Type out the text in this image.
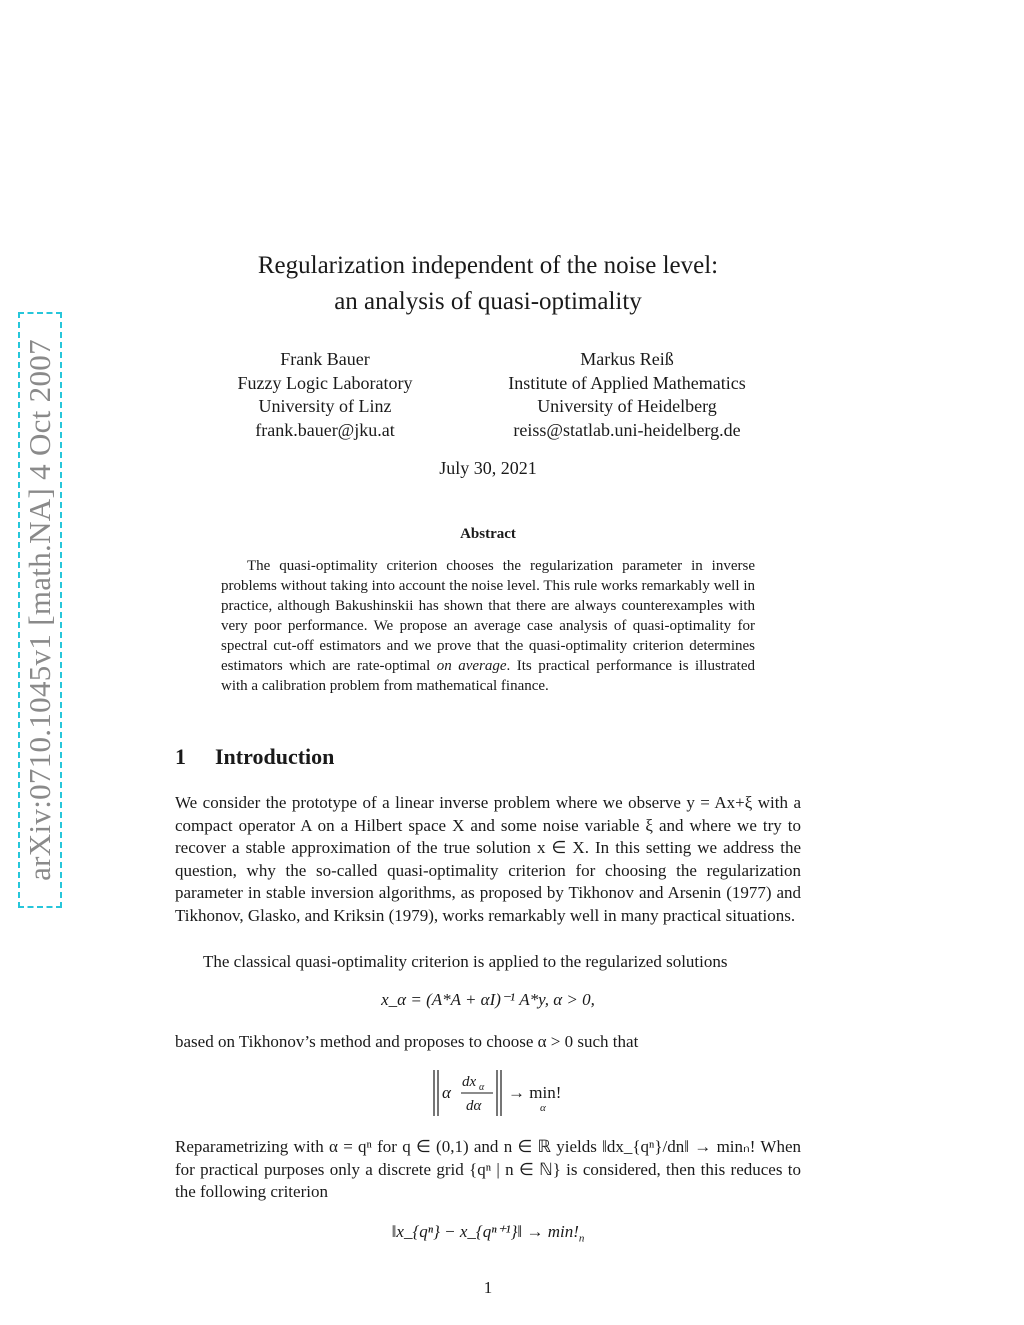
arXiv:0710.1045v1 [math.NA] 4 Oct 2007
Regularization independent of the noise level:
an analysis of quasi-optimality
Frank Bauer
Fuzzy Logic Laboratory
University of Linz
frank.bauer@jku.at
Markus Reiß
Institute of Applied Mathematics
University of Heidelberg
reiss@statlab.uni-heidelberg.de
July 30, 2021
Abstract
The quasi-optimality criterion chooses the regularization parameter in inverse problems without taking into account the noise level. This rule works remarkably well in practice, although Bakushinskii has shown that there are always counterexamples with very poor performance. We propose an average case analysis of quasi-optimality for spectral cut-off estimators and we prove that the quasi-optimality criterion determines estimators which are rate-optimal on average. Its practical performance is illustrated with a calibration problem from mathematical finance.
1 Introduction
We consider the prototype of a linear inverse problem where we observe y = Ax+ξ with a compact operator A on a Hilbert space X and some noise variable ξ and where we try to recover a stable approximation of the true solution x ∈ X. In this setting we address the question, why the so-called quasi-optimality criterion for choosing the regularization parameter in stable inversion algorithms, as proposed by Tikhonov and Arsenin (1977) and Tikhonov, Glasko, and Kriksin (1979), works remarkably well in many practical situations.
The classical quasi-optimality criterion is applied to the regularized solutions
x_α = (A*A + αI)⁻¹ A*y, α > 0,
based on Tikhonov’s method and proposes to choose α > 0 such that
α
dx α
dα
→ min!
α
Reparametrizing with α = qⁿ for q ∈ (0,1) and n ∈ ℝ yields ‖dx_{qⁿ}/dn‖ → minₙ! When for practical purposes only a discrete grid {qⁿ | n ∈ ℕ} is considered, then this reduces to the following criterion
‖x_{qⁿ} − x_{qⁿ⁺¹}‖ → $\min!_n$
1
